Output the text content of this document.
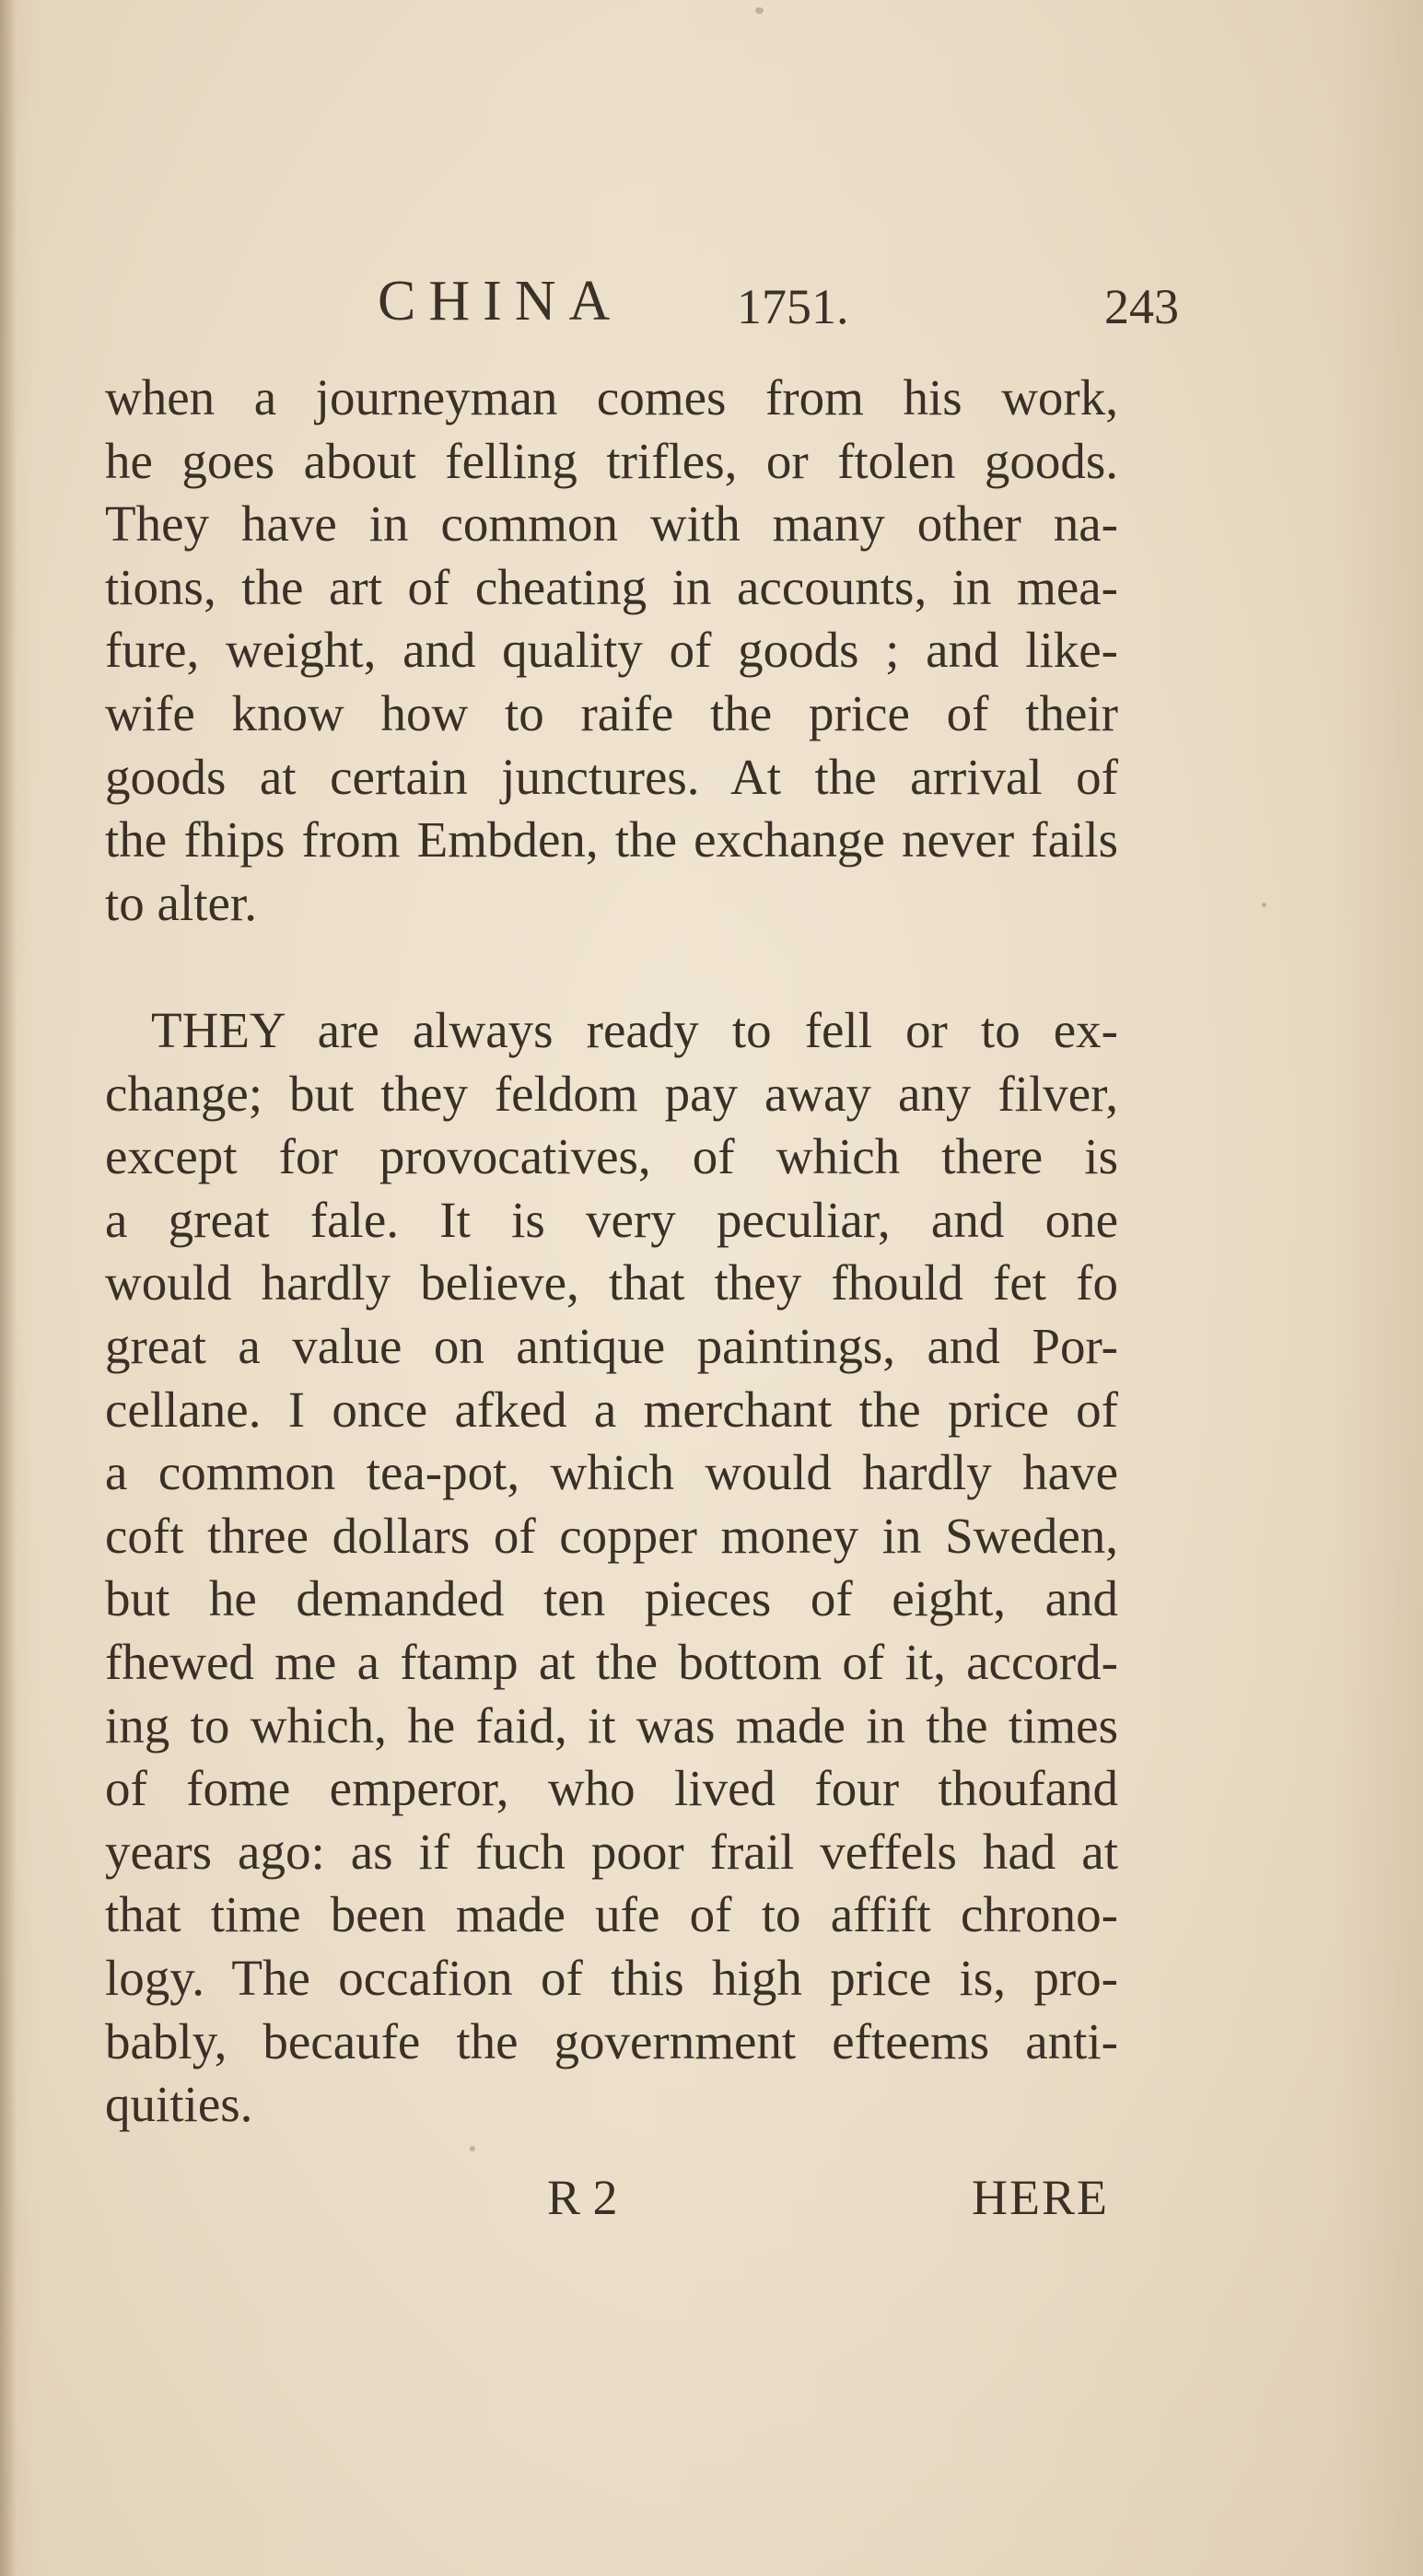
CHINA 1751.	243
when a journeyman comes from his work,
he goes about felling trifles, or ftolen goods.
They have in common with many other na-
tions, the art of cheating in accounts, in mea-
fure, weight, and quality of goods ; and like-
wife know how to raife the price of their
goods at certain junctures. At the arrival of
the fhips from Embden, the exchange never fails
to alter.
THEY are always ready to fell or to ex-
change; but they feldom pay away any filver,
except for provocatives, of which there is
a great fale. It is very peculiar, and one
would hardly believe, that they fhould fet fo
great a value on antique paintings, and Por-
cellane. I once afked a merchant the price of
a common tea-pot, which would hardly have
coft three dollars of copper money in Sweden,
but he demanded ten pieces of eight, and
fhewed me a ftamp at the bottom of it, accord-
ing to which, he faid, it was made in the times
of fome emperor, who lived four thoufand
years ago: as if fuch poor frail veffels had at
that time been made ufe of to affift chrono-
logy. The occafion of this high price is, pro-
bably, becaufe the government efteems anti-
quities.
R 2	HERE
